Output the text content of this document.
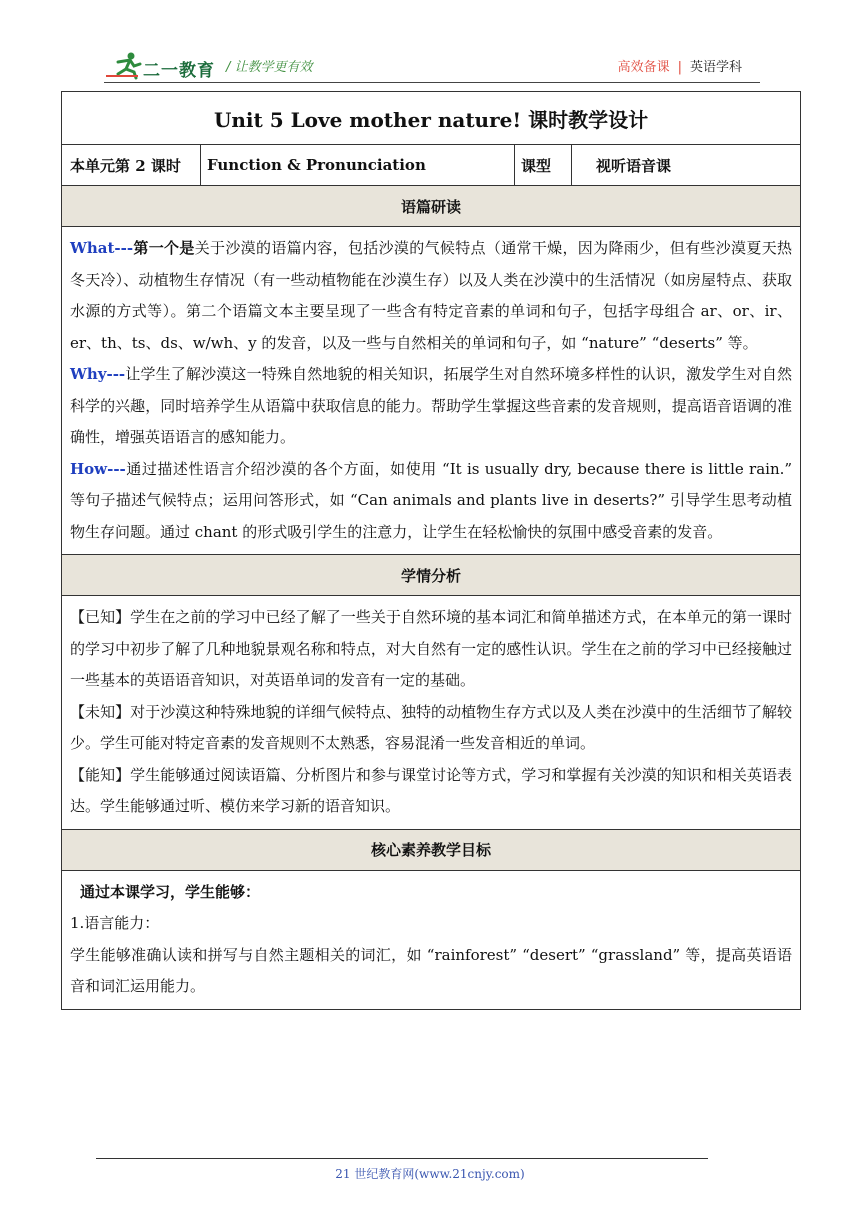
二一教育 / 让教学更有效	高效备课 | 英语学科
Unit 5 Love mother nature! 课时教学设计
本单元第 2 课时	Function & Pronunciation	课型	视听语音课
语篇研读

What---第一个是关于沙漠的语篇内容，包括沙漠的气候特点（通常干燥，因为降雨少，但有些沙漠夏天热冬天冷）、动植物生存情况（有一些动植物能在沙漠生存）以及人类在沙漠中的生活情况（如房屋特点、获取水源的方式等）。第二个语篇文本主要呈现了一些含有特定音素的单词和句子，包括字母组合 ar、or、ir、er、th、ts、ds、w/wh、y 的发音，以及一些与自然相关的单词和句子，如 “nature” “deserts” 等。

Why---让学生了解沙漠这一特殊自然地貌的相关知识，拓展学生对自然环境多样性的认识，激发学生对自然科学的兴趣，同时培养学生从语篇中获取信息的能力。帮助学生掌握这些音素的发音规则，提高语音语调的准确性，增强英语语言的感知能力。

How---通过描述性语言介绍沙漠的各个方面，如使用 “It is usually dry, because there is little rain.” 等句子描述气候特点；运用问答形式，如 “Can animals and plants live in deserts?” 引导学生思考动植物生存问题。通过 chant 的形式吸引学生的注意力，让学生在轻松愉快的氛围中感受音素的发音。

学情分析

【已知】学生在之前的学习中已经了解了一些关于自然环境的基本词汇和简单描述方式，在本单元的第一课时的学习中初步了解了几种地貌景观名称和特点，对大自然有一定的感性认识。学生在之前的学习中已经接触过一些基本的英语语音知识，对英语单词的发音有一定的基础。

【未知】对于沙漠这种特殊地貌的详细气候特点、独特的动植物生存方式以及人类在沙漠中的生活细节了解较少。学生可能对特定音素的发音规则不太熟悉，容易混淆一些发音相近的单词。

【能知】学生能够通过阅读语篇、分析图片和参与课堂讨论等方式，学习和掌握有关沙漠的知识和相关英语表达。学生能够通过听、模仿来学习新的语音知识。

核心素养教学目标

通过本课学习，学生能够：

1.语言能力：

学生能够准确认读和拼写与自然主题相关的词汇，如 “rainforest” “desert” “grassland” 等，提高英语语音和词汇运用能力。

21 世纪教育网(www.21cnjy.com)
